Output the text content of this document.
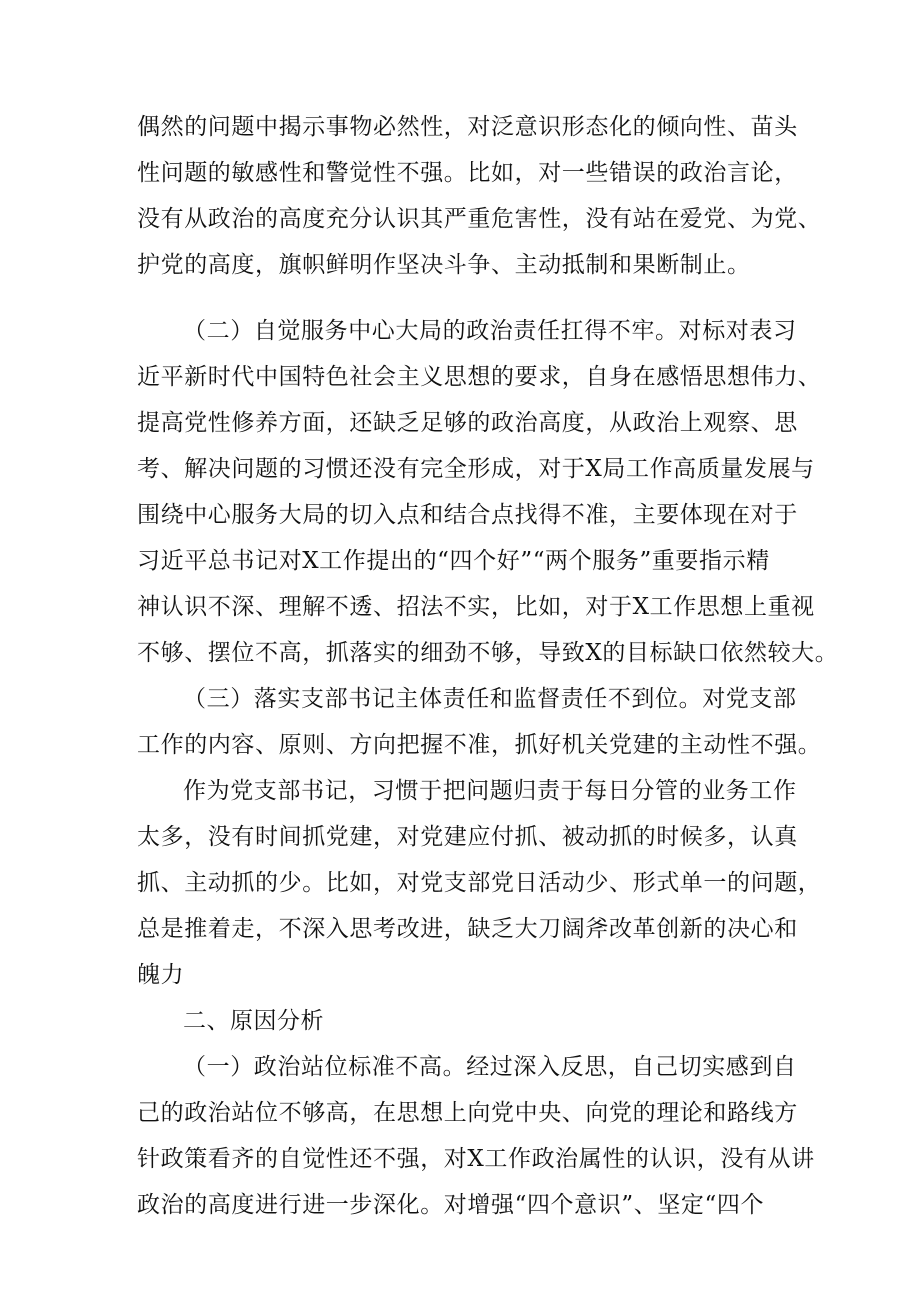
偶然的问题中揭示事物必然性，对泛意识形态化的倾向性、苗头
性问题的敏感性和警觉性不强。比如，对一些错误的政治言论，
没有从政治的高度充分认识其严重危害性，没有站在爱党、为党、
护党的高度，旗帜鲜明作坚决斗争、主动抵制和果断制止。
（二）自觉服务中心大局的政治责任扛得不牢。对标对表习
近平新时代中国特色社会主义思想的要求，自身在感悟思想伟力、
提高党性修养方面，还缺乏足够的政治高度，从政治上观察、思
考、解决问题的习惯还没有完全形成，对于X局工作高质量发展与
围绕中心服务大局的切入点和结合点找得不准，主要体现在对于
习近平总书记对X工作提出的“四个好”“两个服务”重要指示精
神认识不深、理解不透、招法不实，比如，对于X工作思想上重视
不够、摆位不高，抓落实的细劲不够，导致X的目标缺口依然较大。
（三）落实支部书记主体责任和监督责任不到位。对党支部
工作的内容、原则、方向把握不准，抓好机关党建的主动性不强。
作为党支部书记，习惯于把问题归责于每日分管的业务工作
太多，没有时间抓党建，对党建应付抓、被动抓的时候多，认真
抓、主动抓的少。比如，对党支部党日活动少、形式单一的问题，
总是推着走，不深入思考改进，缺乏大刀阔斧改革创新的决心和
魄力
二、原因分析
（一）政治站位标准不高。经过深入反思，自己切实感到自
己的政治站位不够高，在思想上向党中央、向党的理论和路线方
针政策看齐的自觉性还不强，对X工作政治属性的认识，没有从讲
政治的高度进行进一步深化。对增强“四个意识”、坚定“四个
